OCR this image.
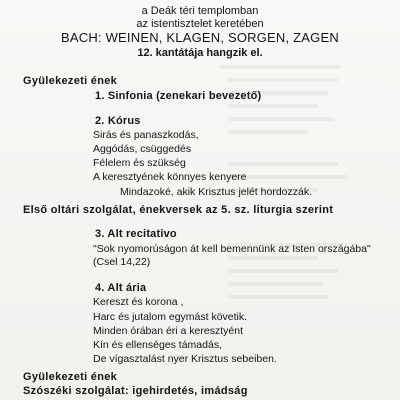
a Deák téri templomban
az istentisztelet keretében
BACH: WEINEN, KLAGEN, SORGEN, ZAGEN
12. kantátája hangzik el.
Gyülekezeti ének
1. Sinfonia (zenekari bevezető)
2. Kórus
Sirás és panaszkodás,
Aggódás, csüggedés
Félelem és szükség
A keresztyének könnyes kenyere
Mindazoké, akik Krisztus jelét hordozzák.
Első oltári szolgálat, énekversek az 5. sz. liturgia szerint
3. Alt recitativo
"Sok nyomorúságon át kell bemennünk az Isten országába"
(Csel 14,22)
4. Alt ária
Kereszt és korona ,
Harc és jutalom egymást követik.
Minden órában éri a keresztyént
Kín és ellenséges támadás,
De vígasztalást nyer Krisztus sebeiben.
Gyülekezeti ének
Szószéki szolgálat: igehirdetés, imádság
